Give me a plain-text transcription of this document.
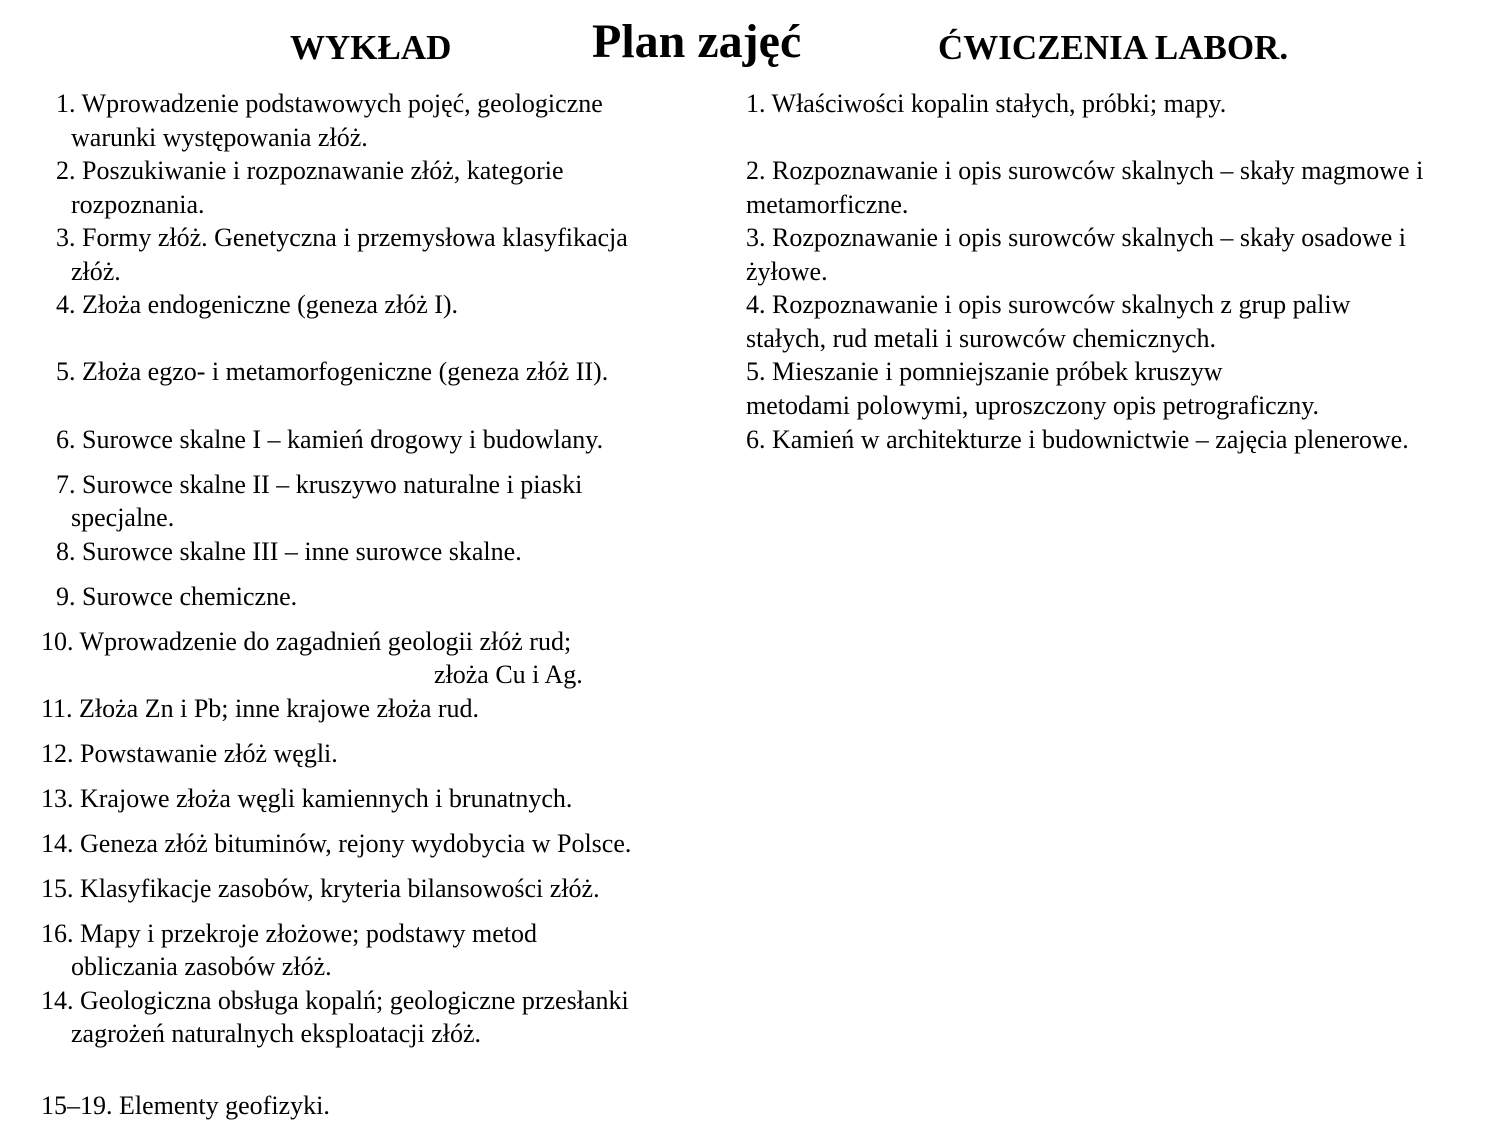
WYKŁAD	Plan zajęć	ĆWICZENIA LABOR.
1. Wprowadzenie podstawowych pojęć, geologiczne
warunki występowania złóż.
2. Poszukiwanie i rozpoznawanie złóż, kategorie
rozpoznania.
3. Formy złóż. Genetyczna i przemysłowa klasyfikacja
złóż.
4. Złoża endogeniczne (geneza złóż I).
5. Złoża egzo- i metamorfogeniczne (geneza złóż II).
6. Surowce skalne I – kamień drogowy i budowlany.
7. Surowce skalne II – kruszywo naturalne i piaski
specjalne.
8. Surowce skalne III – inne surowce skalne.
9. Surowce chemiczne.
10. Wprowadzenie do zagadnień geologii złóż rud;
złoża Cu i Ag.
11. Złoża Zn i Pb; inne krajowe złoża rud.
12. Powstawanie złóż węgli.
13. Krajowe złoża węgli kamiennych i brunatnych.
14. Geneza złóż bituminów, rejony wydobycia w Polsce.
15. Klasyfikacje zasobów, kryteria bilansowości złóż.
16. Mapy i przekroje złożowe; podstawy metod
obliczania zasobów złóż.
14. Geologiczna obsługa kopalń; geologiczne przesłanki
zagrożeń naturalnych eksploatacji złóż.
15–19. Elementy geofizyki.
1. Właściwości kopalin stałych, próbki; mapy.
2. Rozpoznawanie i opis surowców skalnych – skały magmowe i
metamorficzne.
3. Rozpoznawanie i opis surowców skalnych – skały osadowe i
żyłowe.
4. Rozpoznawanie i opis surowców skalnych z grup paliw
stałych, rud metali i surowców chemicznych.
5. Mieszanie i pomniejszanie próbek kruszyw
metodami polowymi, uproszczony opis petrograficzny.
6. Kamień w architekturze i budownictwie – zajęcia plenerowe.
